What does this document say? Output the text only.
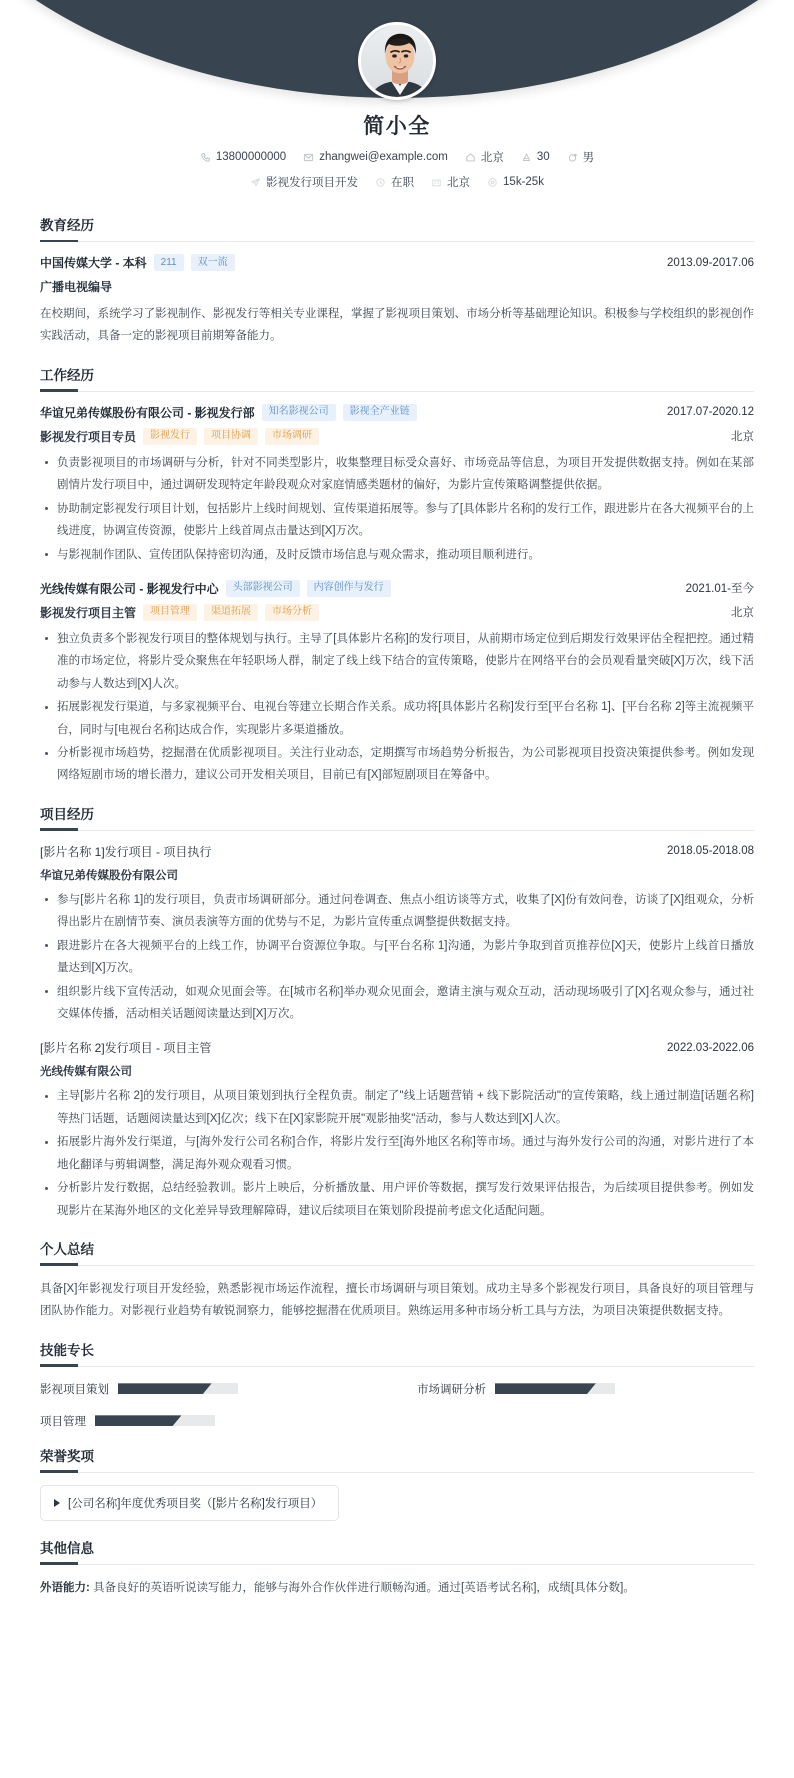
简小全
13800000000	zhangwei@example.com	北京	30	男
影视发行项目开发	在职	北京	15k-25k
教育经历
中国传媒大学 - 本科	211	双一流	2013.09-2017.06
广播电视编导
在校期间，系统学习了影视制作、影视发行等相关专业课程，掌握了影视项目策划、市场分析等基础理论知识。积极参与学校组织的影视创作实践活动，具备一定的影视项目前期筹备能力。
工作经历
华谊兄弟传媒股份有限公司 - 影视发行部	知名影视公司	影视全产业链	2017.07-2020.12
影视发行项目专员	影视发行	项目协调	市场调研	北京
负责影视项目的市场调研与分析，针对不同类型影片，收集整理目标受众喜好、市场竞品等信息，为项目开发提供数据支持。例如在某部剧情片发行项目中，通过调研发现特定年龄段观众对家庭情感类题材的偏好，为影片宣传策略调整提供依据。
协助制定影视发行项目计划，包括影片上线时间规划、宣传渠道拓展等。参与了[具体影片名称]的发行工作，跟进影片在各大视频平台的上线进度，协调宣传资源，使影片上线首周点击量达到[X]万次。
与影视制作团队、宣传团队保持密切沟通，及时反馈市场信息与观众需求，推动项目顺利进行。
光线传媒有限公司 - 影视发行中心	头部影视公司	内容创作与发行	2021.01-至今
影视发行项目主管	项目管理	渠道拓展	市场分析	北京
独立负责多个影视发行项目的整体规划与执行。主导了[具体影片名称]的发行项目，从前期市场定位到后期发行效果评估全程把控。通过精准的市场定位，将影片受众聚焦在年轻职场人群，制定了线上线下结合的宣传策略，使影片在网络平台的会员观看量突破[X]万次，线下活动参与人数达到[X]人次。
拓展影视发行渠道，与多家视频平台、电视台等建立长期合作关系。成功将[具体影片名称]发行至[平台名称 1]、[平台名称 2]等主流视频平台，同时与[电视台名称]达成合作，实现影片多渠道播放。
分析影视市场趋势，挖掘潜在优质影视项目。关注行业动态，定期撰写市场趋势分析报告，为公司影视项目投资决策提供参考。例如发现网络短剧市场的增长潜力，建议公司开发相关项目，目前已有[X]部短剧项目在筹备中。
项目经历
[影片名称 1]发行项目 - 项目执行	2018.05-2018.08
华谊兄弟传媒股份有限公司
参与[影片名称 1]的发行项目，负责市场调研部分。通过问卷调查、焦点小组访谈等方式，收集了[X]份有效问卷，访谈了[X]组观众，分析得出影片在剧情节奏、演员表演等方面的优势与不足，为影片宣传重点调整提供数据支持。
跟进影片在各大视频平台的上线工作，协调平台资源位争取。与[平台名称 1]沟通，为影片争取到首页推荐位[X]天，使影片上线首日播放量达到[X]万次。
组织影片线下宣传活动，如观众见面会等。在[城市名称]举办观众见面会，邀请主演与观众互动，活动现场吸引了[X]名观众参与，通过社交媒体传播，活动相关话题阅读量达到[X]万次。
[影片名称 2]发行项目 - 项目主管	2022.03-2022.06
光线传媒有限公司
主导[影片名称 2]的发行项目，从项目策划到执行全程负责。制定了"线上话题营销 + 线下影院活动"的宣传策略，线上通过制造[话题名称]等热门话题，话题阅读量达到[X]亿次；线下在[X]家影院开展"观影抽奖"活动，参与人数达到[X]人次。
拓展影片海外发行渠道，与[海外发行公司名称]合作，将影片发行至[海外地区名称]等市场。通过与海外发行公司的沟通，对影片进行了本地化翻译与剪辑调整，满足海外观众观看习惯。
分析影片发行数据，总结经验教训。影片上映后，分析播放量、用户评价等数据，撰写发行效果评估报告，为后续项目提供参考。例如发现影片在某海外地区的文化差异导致理解障碍，建议后续项目在策划阶段提前考虑文化适配问题。
个人总结
具备[X]年影视发行项目开发经验，熟悉影视市场运作流程，擅长市场调研与项目策划。成功主导多个影视发行项目，具备良好的项目管理与团队协作能力。对影视行业趋势有敏锐洞察力，能够挖掘潜在优质项目。熟练运用多种市场分析工具与方法，为项目决策提供数据支持。
技能专长
影视项目策划	市场调研分析
项目管理
荣誉奖项
[公司名称]年度优秀项目奖（[影片名称]发行项目）
其他信息
外语能力: 具备良好的英语听说读写能力，能够与海外合作伙伴进行顺畅沟通。通过[英语考试名称]，成绩[具体分数]。
